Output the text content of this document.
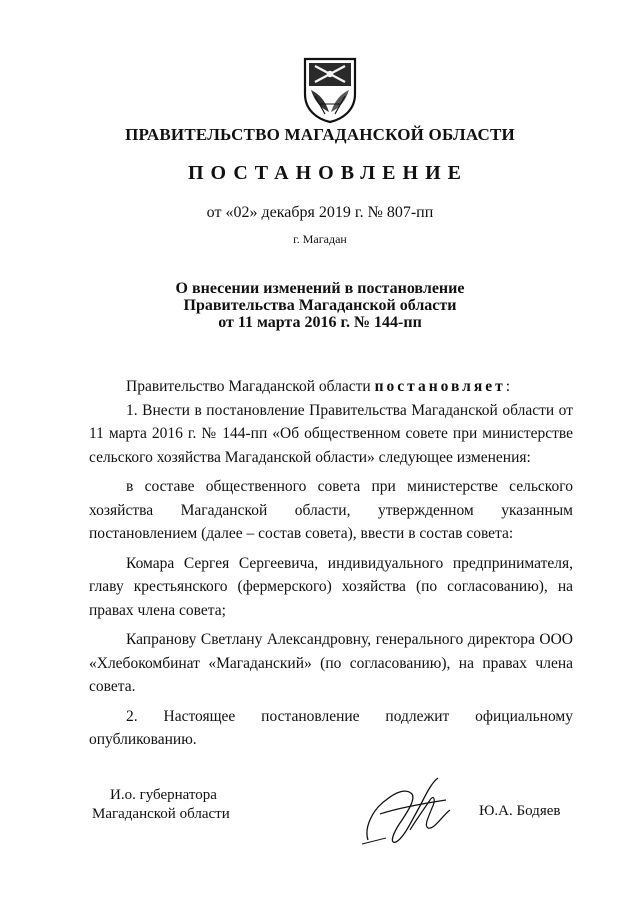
ПРАВИТЕЛЬСТВО МАГАДАНСКОЙ ОБЛАСТИ
ПОСТАНОВЛЕНИЕ
от «02» декабря 2019 г. № 807-пп
г. Магадан
О внесении изменений в постановление
Правительства Магаданской области
от 11 марта 2016 г. № 144-пп

Правительство Магаданской области постановляет:

1. Внести в постановление Правительства Магаданской области от 11 марта 2016 г. № 144-пп «Об общественном совете при министерстве сельского хозяйства Магаданской области» следующее изменения:

в составе общественного совета при министерстве сельского хозяйства Магаданской области, утвержденном указанным постановлением (далее – состав совета), ввести в состав совета:

Комара Сергея Сергеевича, индивидуального предпринимателя, главу крестьянского (фермерского) хозяйства (по согласованию), на правах члена совета;

Капранову Светлану Александровну, генерального директора ООО «Хлебокомбинат «Магаданский» (по согласованию), на правах члена совета.

2. Настоящее постановление подлежит официальному опубликованию.

И.о. губернатора
Магаданской области	Ю.А. Бодяев
